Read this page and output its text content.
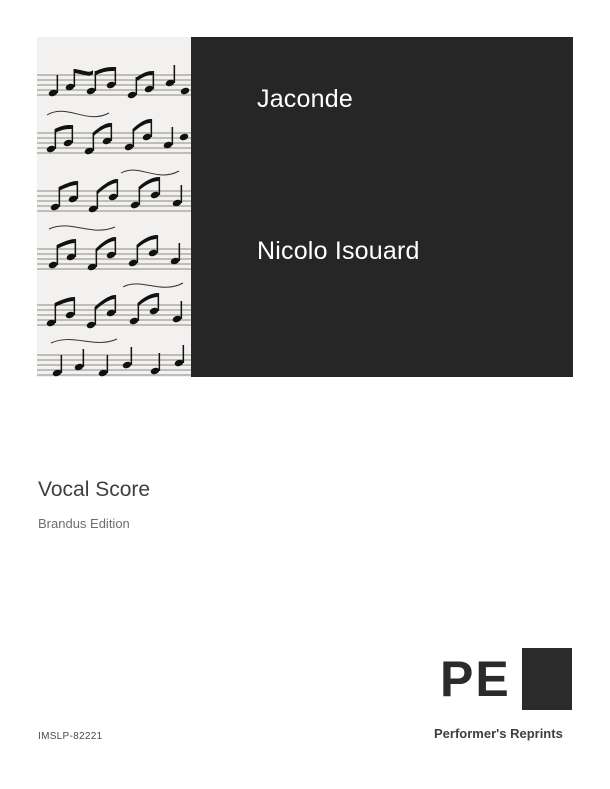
Jaconde
Nicolo Isouard
Vocal Score
Brandus Edition
IMSLP-82221
PE
Performer's Reprints
